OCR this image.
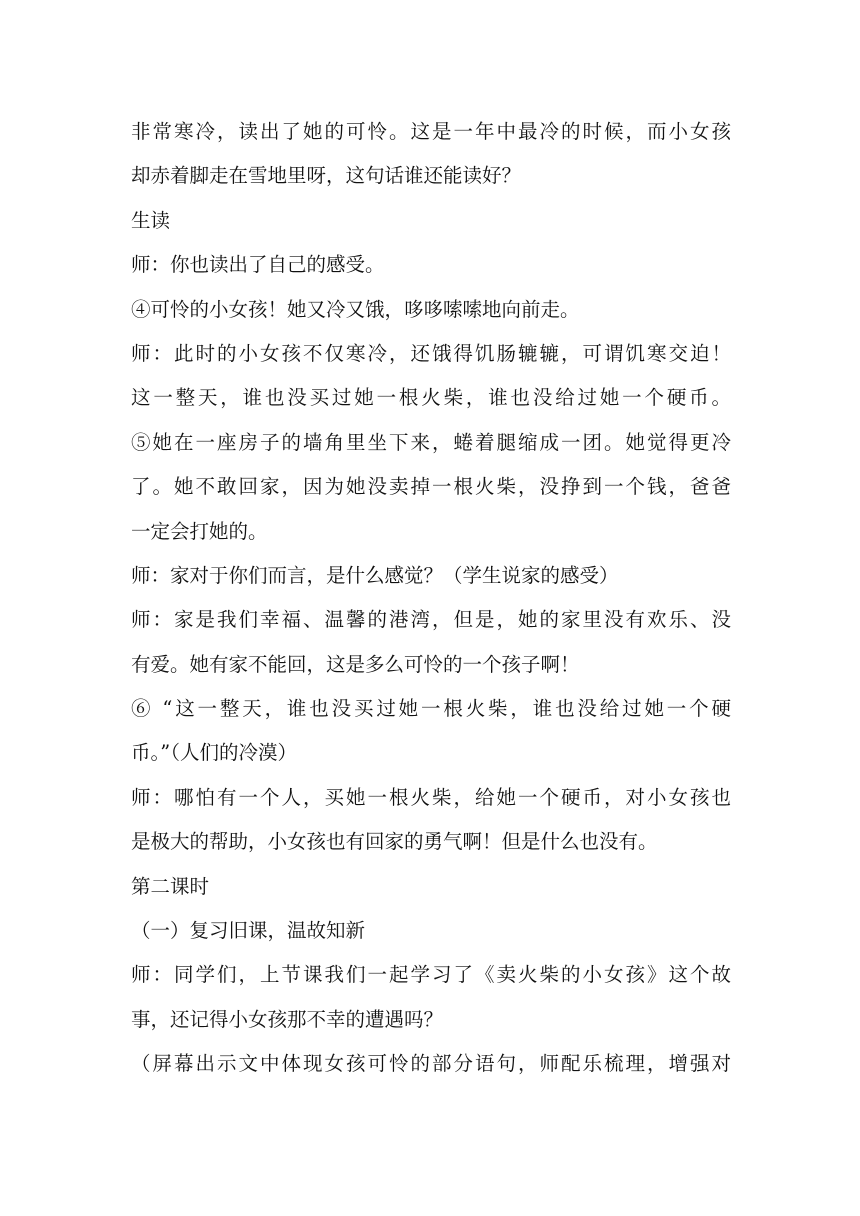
非常寒冷，读出了她的可怜。这是一年中最冷的时候，而小女孩
却赤着脚走在雪地里呀，这句话谁还能读好？
生读
师：你也读出了自己的感受。
④可怜的小女孩！她又冷又饿，哆哆嗦嗦地向前走。
师：此时的小女孩不仅寒冷，还饿得饥肠辘辘，可谓饥寒交迫！
这一整天，谁也没买过她一根火柴，谁也没给过她一个硬币。
⑤她在一座房子的墙角里坐下来，蜷着腿缩成一团。她觉得更冷
了。她不敢回家，因为她没卖掉一根火柴，没挣到一个钱，爸爸
一定会打她的。
师：家对于你们而言，是什么感觉？（学生说家的感受）
师：家是我们幸福、温馨的港湾，但是，她的家里没有欢乐、没
有爱。她有家不能回，这是多么可怜的一个孩子啊！
⑥ “这一整天，谁也没买过她一根火柴，谁也没给过她一个硬
币。”（人们的冷漠）
师：哪怕有一个人，买她一根火柴，给她一个硬币，对小女孩也
是极大的帮助，小女孩也有回家的勇气啊！但是什么也没有。
第二课时
（一）复习旧课，温故知新
师：同学们，上节课我们一起学习了《卖火柴的小女孩》这个故
事，还记得小女孩那不幸的遭遇吗？
（屏幕出示文中体现女孩可怜的部分语句，师配乐梳理，增强对
